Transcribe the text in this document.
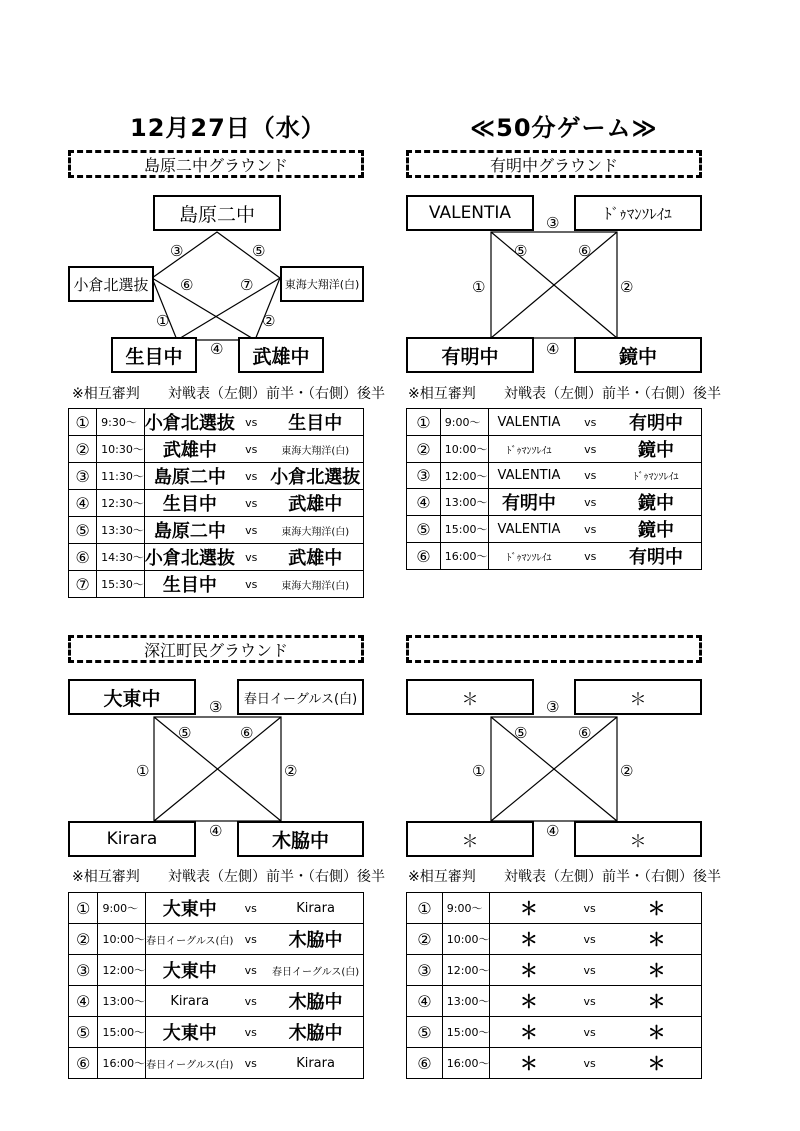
12月27日（水）	≪50分ゲーム≫
島原二中グラウンド
島原二中
小倉北選抜	東海大翔洋(白)
生目中	武雄中
③	⑤
⑥	⑦
①	②
④
※相互審判 対戦表（左側）前半・（右側）後半
①	9:30～	小倉北選抜	vs	生目中
②	10:30～	武雄中	vs	東海大翔洋(白)
③	11:30～	島原二中	vs	小倉北選抜
④	12:30～	生目中	vs	武雄中
⑤	13:30～	島原二中	vs	東海大翔洋(白)
⑥	14:30～	小倉北選抜	vs	武雄中
⑦	15:30～	生目中	vs	東海大翔洋(白)
有明中グラウンド
VALENTIA	ﾄﾞｩﾏﾝｿﾚｲﾕ
有明中	鏡中
③
⑤	⑥
①	②
④
※相互審判 対戦表（左側）前半・（右側）後半
①	9:00～	VALENTIA	vs	有明中
②	10:00～	ﾄﾞｩﾏﾝｿﾚｲﾕ	vs	鏡中
③	12:00～	VALENTIA	vs	ﾄﾞｩﾏﾝｿﾚｲﾕ
④	13:00～	有明中	vs	鏡中
⑤	15:00～	VALENTIA	vs	鏡中
⑥	16:00～	ﾄﾞｩﾏﾝｿﾚｲﾕ	vs	有明中
深江町民グラウンド
大東中	春日イーグルス(白)
Kirara	木脇中
③
⑤	⑥
①	②
④
※相互審判 対戦表（左側）前半・（右側）後半
①	9:00～	大東中	vs	Kirara
②	10:00～	春日イーグルス(白)	vs	木脇中
③	12:00～	大東中	vs	春日イーグルス(白)
④	13:00～	Kirara	vs	木脇中
⑤	15:00～	大東中	vs	木脇中
⑥	16:00～	春日イーグルス(白)	vs	Kirara
＊	＊
＊	＊
③
⑤	⑥
①	②
④
※相互審判 対戦表（左側）前半・（右側）後半
①	9:00～	＊	vs	＊
②	10:00～	＊	vs	＊
③	12:00～	＊	vs	＊
④	13:00～	＊	vs	＊
⑤	15:00～	＊	vs	＊
⑥	16:00～	＊	vs	＊
